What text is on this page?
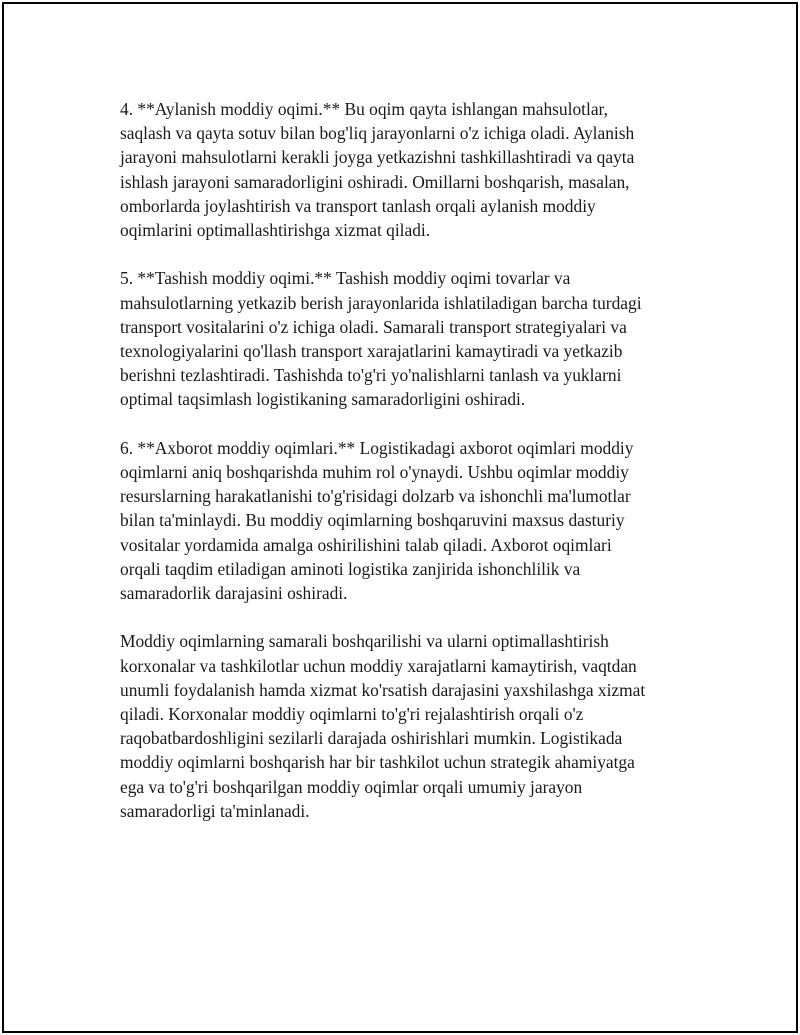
4. **Aylanish moddiy oqimi.** Bu oqim qayta ishlangan mahsulotlar,
saqlash va qayta sotuv bilan bog'liq jarayonlarni o'z ichiga oladi. Aylanish
jarayoni mahsulotlarni kerakli joyga yetkazishni tashkillashtiradi va qayta
ishlash jarayoni samaradorligini oshiradi. Omillarni boshqarish, masalan,
omborlarda joylashtirish va transport tanlash orqali aylanish moddiy
oqimlarini optimallashtirishga xizmat qiladi.

5. **Tashish moddiy oqimi.** Tashish moddiy oqimi tovarlar va
mahsulotlarning yetkazib berish jarayonlarida ishlatiladigan barcha turdagi
transport vositalarini o'z ichiga oladi. Samarali transport strategiyalari va
texnologiyalarini qo'llash transport xarajatlarini kamaytiradi va yetkazib
berishni tezlashtiradi. Tashishda to'g'ri yo'nalishlarni tanlash va yuklarni
optimal taqsimlash logistikaning samaradorligini oshiradi.

6. **Axborot moddiy oqimlari.** Logistikadagi axborot oqimlari moddiy
oqimlarni aniq boshqarishda muhim rol o'ynaydi. Ushbu oqimlar moddiy
resurslarning harakatlanishi to'g'risidagi dolzarb va ishonchli ma'lumotlar
bilan ta'minlaydi. Bu moddiy oqimlarning boshqaruvini maxsus dasturiy
vositalar yordamida amalga oshirilishini talab qiladi. Axborot oqimlari
orqali taqdim etiladigan aminoti logistika zanjirida ishonchlilik va
samaradorlik darajasini oshiradi.

Moddiy oqimlarning samarali boshqarilishi va ularni optimallashtirish
korxonalar va tashkilotlar uchun moddiy xarajatlarni kamaytirish, vaqtdan
unumli foydalanish hamda xizmat ko'rsatish darajasini yaxshilashga xizmat
qiladi. Korxonalar moddiy oqimlarni to'g'ri rejalashtirish orqali o'z
raqobatbardoshligini sezilarli darajada oshirishlari mumkin. Logistikada
moddiy oqimlarni boshqarish har bir tashkilot uchun strategik ahamiyatga
ega va to'g'ri boshqarilgan moddiy oqimlar orqali umumiy jarayon
samaradorligi ta'minlanadi.
